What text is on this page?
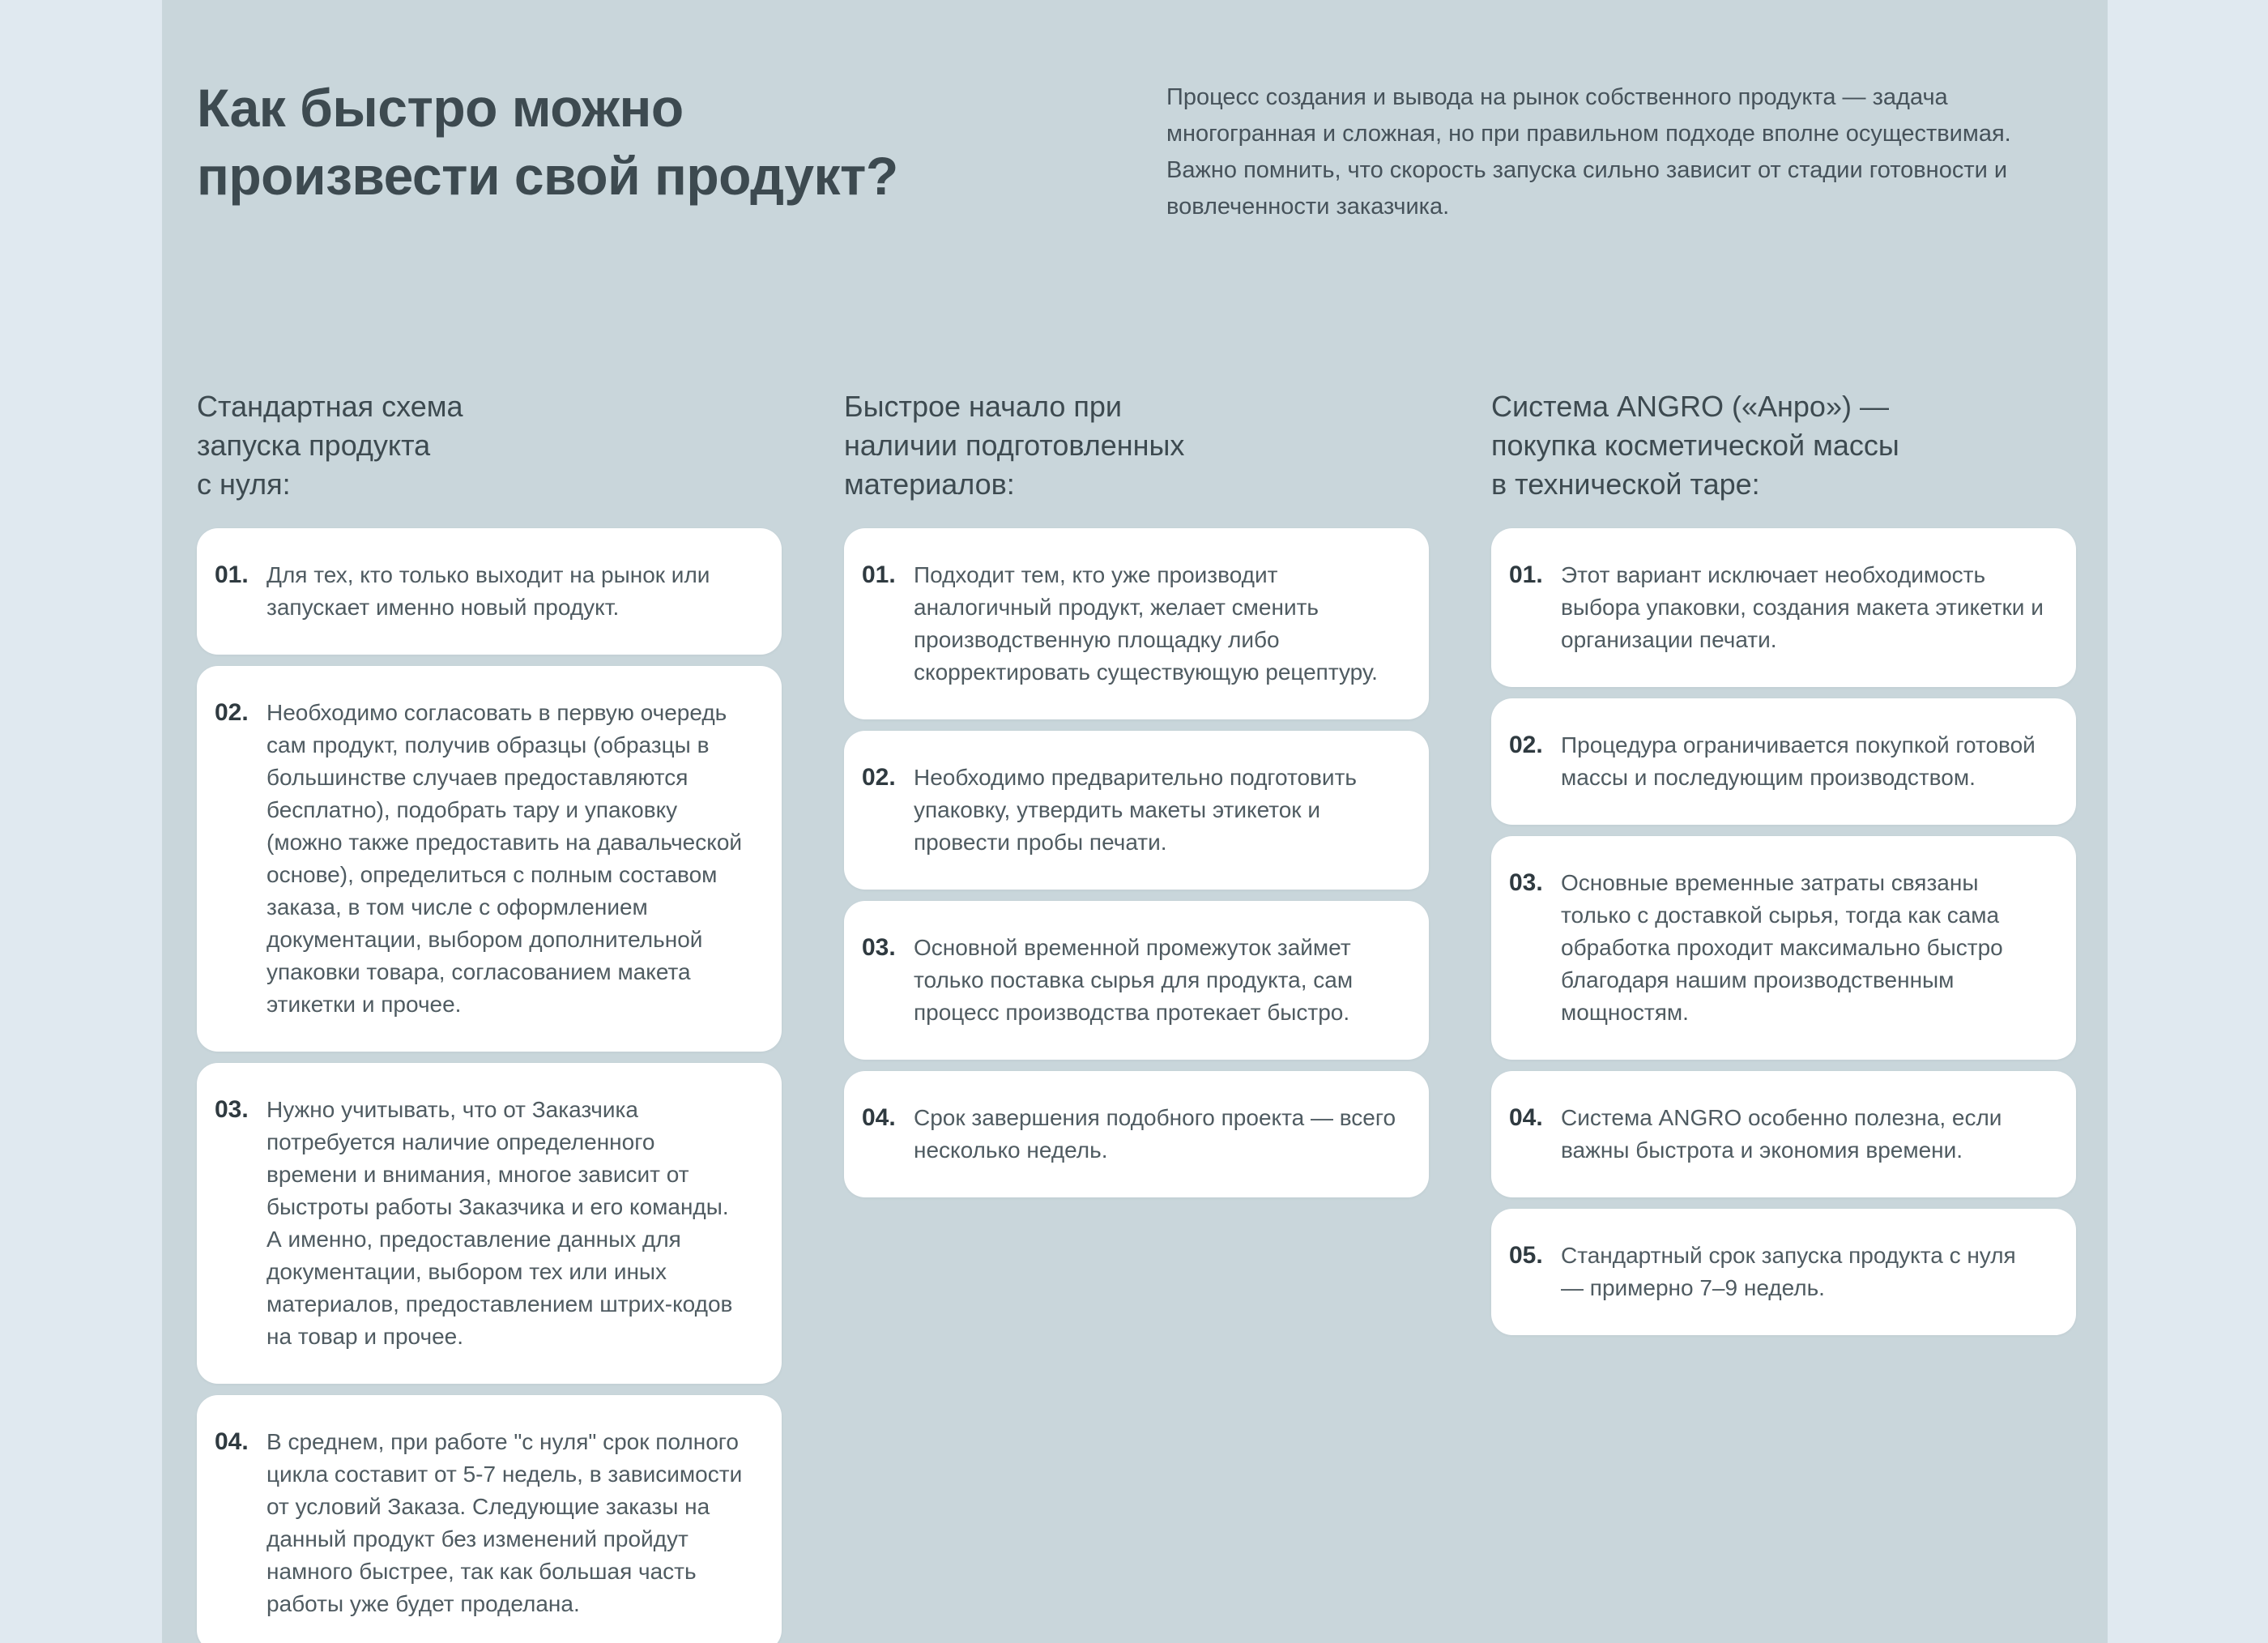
Как быстро можно
произвести свой продукт?

Процесс создания и вывода на рынок собственного продукта — задача многогранная и сложная, но при правильном подходе вполне осуществимая. Важно помнить, что скорость запуска сильно зависит от стадии готовности и вовлеченности заказчика.

Стандартная схема
запуска продукта
с нуля:
01. Для тех, кто только выходит на рынок или запускает именно новый продукт.

02. Необходимо согласовать в первую очередь сам продукт, получив образцы (образцы в большинстве случаев предоставляются бесплатно), подобрать тару и упаковку (можно также предоставить на давальческой основе), определиться с полным составом заказа, в том числе с оформлением документации, выбором дополнительной упаковки товара, согласованием макета этикетки и прочее.

03. Нужно учитывать, что от Заказчика потребуется наличие определенного времени и внимания, многое зависит от быстроты работы Заказчика и его команды. А именно, предоставление данных для документации, выбором тех или иных материалов, предоставлением штрих-кодов на товар и прочее.

04. В среднем, при работе "с нуля" срок полного цикла составит от 5-7 недель, в зависимости от условий Заказа. Следующие заказы на данный продукт без изменений пройдут намного быстрее, так как большая часть работы уже будет проделана.

Быстрое начало при
наличии подготовленных
материалов:
01. Подходит тем, кто уже производит аналогичный продукт, желает сменить производственную площадку либо скорректировать существующую рецептуру.

02. Необходимо предварительно подготовить упаковку, утвердить макеты этикеток и провести пробы печати.

03. Основной временной промежуток займет только поставка сырья для продукта, сам процесс производства протекает быстро.

04. Срок завершения подобного проекта — всего несколько недель.

Система ANGRO («Анро») —
покупка косметической массы
в технической таре:
01. Этот вариант исключает необходимость выбора упаковки, создания макета этикетки и организации печати.

02. Процедура ограничивается покупкой готовой массы и последующим производством.

03. Основные временные затраты связаны только с доставкой сырья, тогда как сама обработка проходит максимально быстро благодаря нашим производственным мощностям.

04. Система ANGRO особенно полезна, если важны быстрота и экономия времени.

05. Стандартный срок запуска продукта с нуля — примерно 7–9 недель.
